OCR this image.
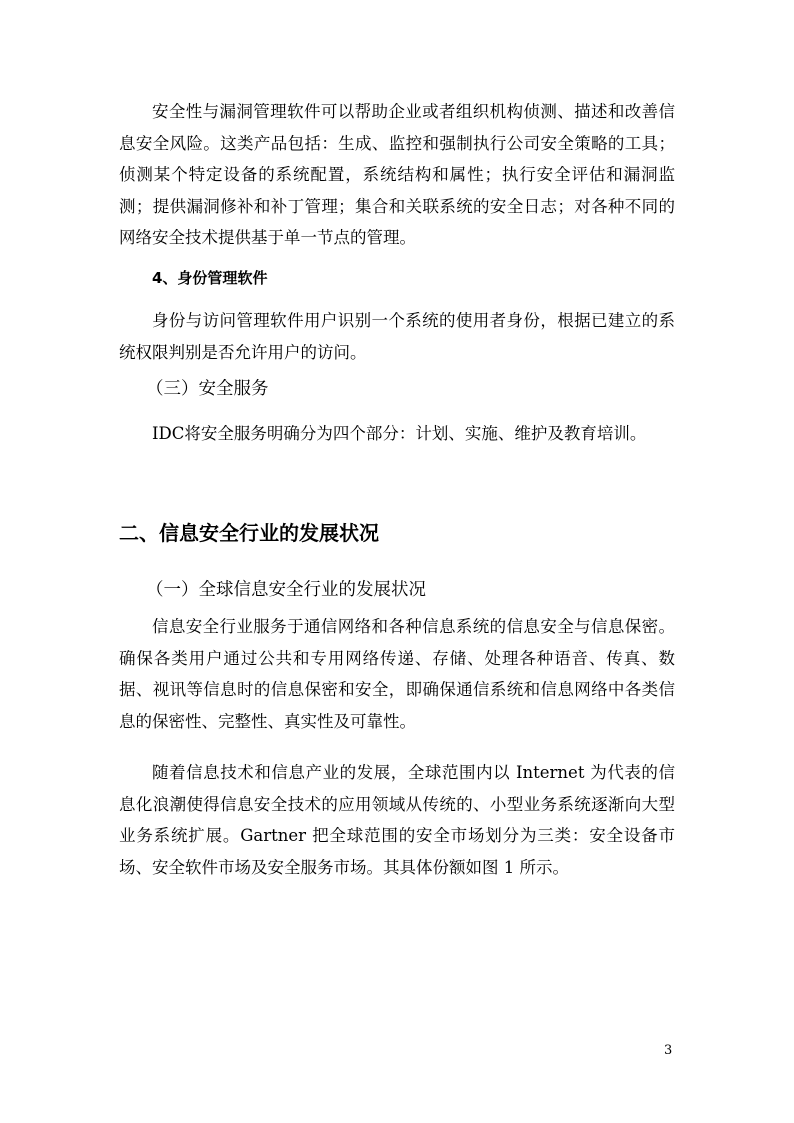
安全性与漏洞管理软件可以帮助企业或者组织机构侦测、描述和改善信息安全风险。这类产品包括：生成、监控和强制执行公司安全策略的工具；侦测某个特定设备的系统配置，系统结构和属性；执行安全评估和漏洞监测；提供漏洞修补和补丁管理；集合和关联系统的安全日志；对各种不同的网络安全技术提供基于单一节点的管理。

4、身份管理软件

身份与访问管理软件用户识别一个系统的使用者身份，根据已建立的系统权限判别是否允许用户的访问。

（三）安全服务

IDC将安全服务明确分为四个部分：计划、实施、维护及教育培训。

二、信息安全行业的发展状况

（一）全球信息安全行业的发展状况

信息安全行业服务于通信网络和各种信息系统的信息安全与信息保密。确保各类用户通过公共和专用网络传递、存储、处理各种语音、传真、数据、视讯等信息时的信息保密和安全，即确保通信系统和信息网络中各类信息的保密性、完整性、真实性及可靠性。

随着信息技术和信息产业的发展，全球范围内以 Internet 为代表的信息化浪潮使得信息安全技术的应用领域从传统的、小型业务系统逐渐向大型业务系统扩展。Gartner 把全球范围的安全市场划分为三类：安全设备市场、安全软件市场及安全服务市场。其具体份额如图 1 所示。

3
